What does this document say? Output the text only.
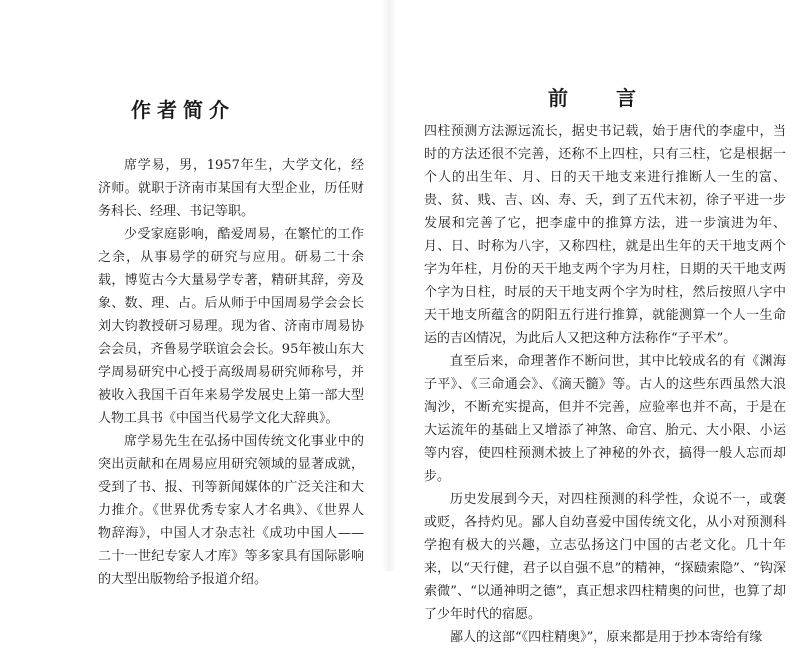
作者简介

席学易，男，1957年生，大学文化，经济师。就职于济南市某国有大型企业，历任财务科长、经理、书记等职。

少受家庭影响，酷爱周易，在繁忙的工作之余，从事易学的研究与应用。研易二十余载，博览古今大量易学专著，精研其辞，旁及象、数、理、占。后从师于中国周易学会会长刘大钧教授研习易理。现为省、济南市周易协会会员，齐鲁易学联谊会会长。95年被山东大学周易研究中心授于高级周易研究师称号，并被收入我国千百年来易学发展史上第一部大型人物工具书《中国当代易学文化大辞典》。

席学易先生在弘扬中国传统文化事业中的突出贡献和在周易应用研究领域的显著成就，受到了书、报、刊等新闻媒体的广泛关注和大力推介。《世界优秀专家人才名典》、《世界人物辞海》，中国人才杂志社《成功中国人—— 二十一世纪专家人才库》等多家具有国际影响的大型出版物给予报道介绍。

前言

四柱预测方法源远流长，据史书记载，始于唐代的李虚中，当时的方法还很不完善，还称不上四柱，只有三柱，它是根据一个人的出生年、月、日的天干地支来进行推断人一生的富、贵、贫、贱、吉、凶、寿、夭，到了五代末初，徐子平进一步发展和完善了它，把李虚中的推算方法，进一步演进为年、月、日、时称为八字，又称四柱，就是出生年的天干地支两个字为年柱，月份的天干地支两个字为月柱，日期的天干地支两个字为日柱，时辰的天干地支两个字为时柱，然后按照八字中天干地支所蕴含的阴阳五行进行推算，就能测算一个人一生命运的吉凶情况，为此后人又把这种方法称作“子平术”。

直至后来，命理著作不断问世，其中比较成名的有《渊海子平》、《三命通会》、《滴天髓》等。古人的这些东西虽然大浪淘沙，不断充实提高，但并不完善，应验率也并不高，于是在大运流年的基础上又增添了神煞、命宫、胎元、大小限、小运等内容，使四柱预测术披上了神秘的外衣，搞得一般人忘而却步。

历史发展到今天，对四柱预测的科学性，众说不一，或褒或贬，各持灼见。鄙人自幼喜爱中国传统文化，从小对预测科学抱有极大的兴趣，立志弘扬这门中国的古老文化。几十年来，以“天行健，君子以自强不息”的精神，“探赜索隐”、“钩深索微”、“以通神明之德”，真正想求四柱精奥的问世，也算了却了少年时代的宿愿。

鄙人的这部“《四柱精奥》”，原来都是用于抄本寄给有缘
